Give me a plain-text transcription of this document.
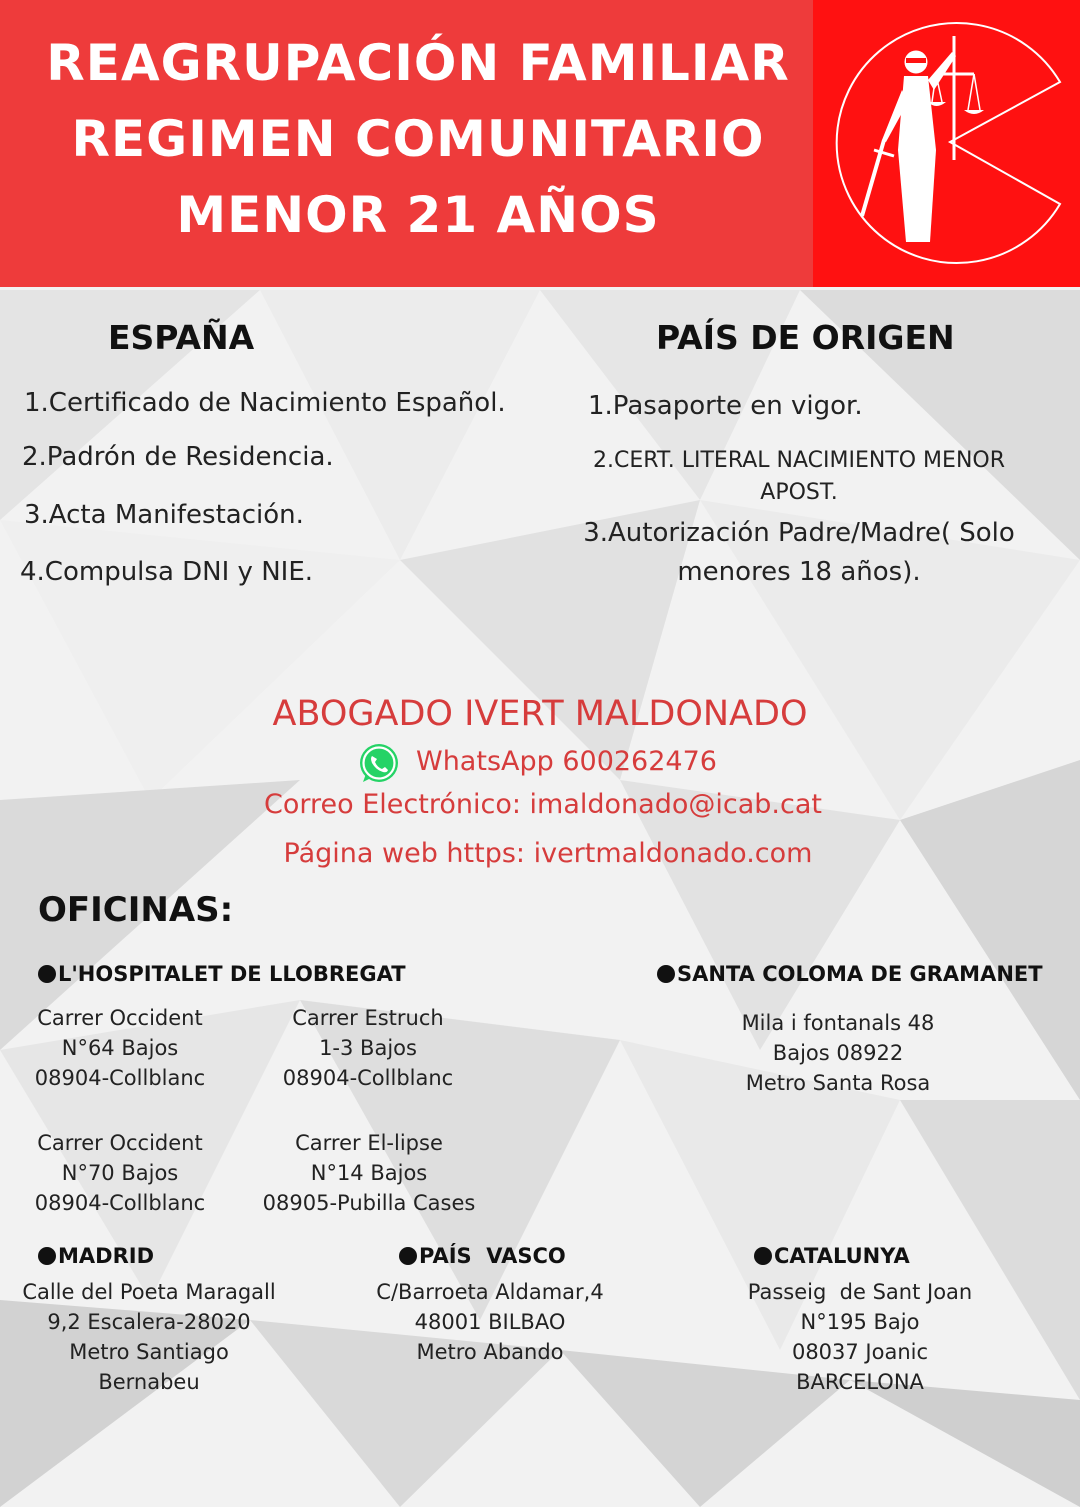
REAGRUPACIÓN FAMILIAR
REGIMEN COMUNITARIO
MENOR 21 AÑOS
ESPAÑA
1.Certificado de Nacimiento Español.
2.Padrón de Residencia.
3.Acta Manifestación.
4.Compulsa DNI y NIE.
PAÍS DE ORIGEN
1.Pasaporte en vigor.
2.CERT. LITERAL NACIMIENTO MENOR
APOST.
3.Autorización Padre/Madre( Solo
menores 18 años).
ABOGADO IVERT MALDONADO
WhatsApp 600262476
Correo Electrónico: imaldonado@icab.cat
Página web https: ivertmaldonado.com
OFICINAS:
L'HOSPITALET DE LLOBREGAT
Carrer Occident
N°64 Bajos
08904-Collblanc
Carrer Estruch
1-3 Bajos
08904-Collblanc
Carrer Occident
N°70 Bajos
08904-Collblanc
Carrer El-lipse
N°14 Bajos
08905-Pubilla Cases
SANTA COLOMA DE GRAMANET
Mila i fontanals 48
Bajos 08922
Metro Santa Rosa
MADRID
Calle del Poeta Maragall
9,2 Escalera-28020
Metro Santiago
Bernabeu
PAÍS  VASCO
C/Barroeta Aldamar,4
48001 BILBAO
Metro Abando
CATALUNYA
Passeig  de Sant Joan
N°195 Bajo
08037 Joanic
BARCELONA
